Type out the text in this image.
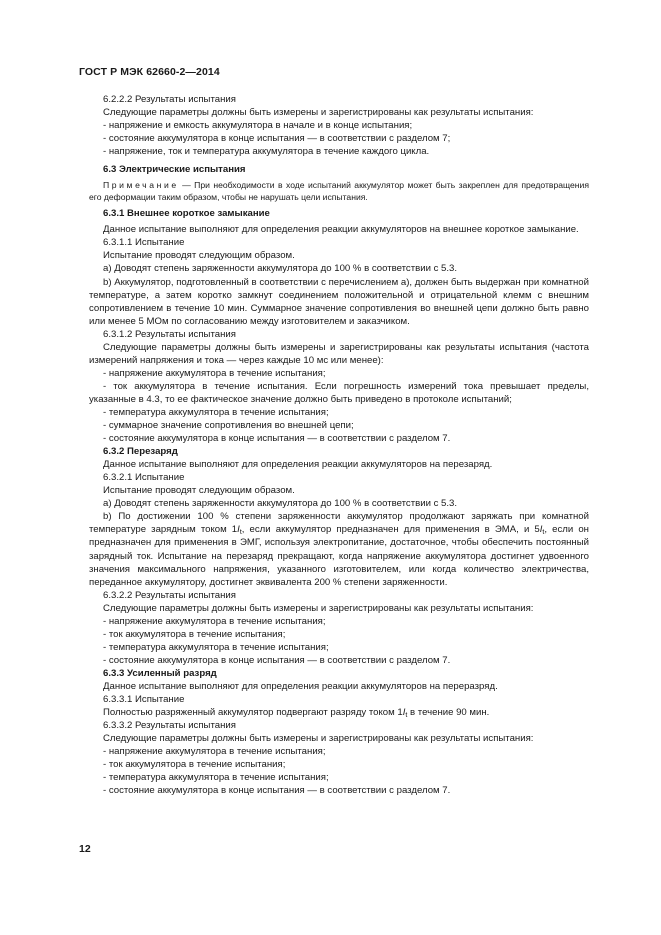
ГОСТ Р МЭК 62660-2—2014

6.2.2.2 Результаты испытания

Следующие параметры должны быть измерены и зарегистрированы как результаты испытания:

- напряжение и емкость аккумулятора в начале и в конце испытания;

- состояние аккумулятора в конце испытания — в соответствии с разделом 7;

- напряжение, ток и температура аккумулятора в течение каждого цикла.

6.3 Электрические испытания

Примечание — При необходимости в ходе испытаний аккумулятор может быть закреплен для предотвращения его деформации таким образом, чтобы не нарушать цели испытания.

6.3.1 Внешнее короткое замыкание

Данное испытание выполняют для определения реакции аккумуляторов на внешнее короткое замыкание.

6.3.1.1 Испытание

Испытание проводят следующим образом.

а) Доводят степень заряженности аккумулятора до 100 % в соответствии с 5.3.

b) Аккумулятор, подготовленный в соответствии с перечислением а), должен быть выдержан при комнатной температуре, а затем коротко замкнут соединением положительной и отрицательной клемм с внешним сопротивлением в течение 10 мин. Суммарное значение сопротивления во внешней цепи должно быть равно или менее 5 МОм по согласованию между изготовителем и заказчиком.

6.3.1.2 Результаты испытания

Следующие параметры должны быть измерены и зарегистрированы как результаты испытания (частота измерений напряжения и тока — через каждые 10 мс или менее):

- напряжение аккумулятора в течение испытания;

- ток аккумулятора в течение испытания. Если погрешность измерений тока превышает пределы, указанные в 4.3, то ее фактическое значение должно быть приведено в протоколе испытаний;

- температура аккумулятора в течение испытания;

- суммарное значение сопротивления во внешней цепи;

- состояние аккумулятора в конце испытания — в соответствии с разделом 7.

6.3.2 Перезаряд

Данное испытание выполняют для определения реакции аккумуляторов на перезаряд.

6.3.2.1 Испытание

Испытание проводят следующим образом.

а) Доводят степень заряженности аккумулятора до 100 % в соответствии с 5.3.

b) По достижении 100 % степени заряженности аккумулятор продолжают заряжать при комнатной температуре зарядным током $1I_t$, если аккумулятор предназначен для применения в ЭМА, и $5I_t$, если он предназначен для применения в ЭМГ, используя электропитание, достаточное, чтобы обеспечить постоянный зарядный ток. Испытание на перезаряд прекращают, когда напряжение аккумулятора достигнет удвоенного значения максимального напряжения, указанного изготовителем, или когда количество электричества, переданное аккумулятору, достигнет эквивалента 200 % степени заряженности.

6.3.2.2 Результаты испытания

Следующие параметры должны быть измерены и зарегистрированы как результаты испытания:

- напряжение аккумулятора в течение испытания;

- ток аккумулятора в течение испытания;

- температура аккумулятора в течение испытания;

- состояние аккумулятора в конце испытания — в соответствии с разделом 7.

6.3.3 Усиленный разряд

Данное испытание выполняют для определения реакции аккумуляторов на переразряд.

6.3.3.1 Испытание

Полностью разряженный аккумулятор подвергают разряду током $1I_t$ в течение 90 мин.

6.3.3.2 Результаты испытания

Следующие параметры должны быть измерены и зарегистрированы как результаты испытания:

- напряжение аккумулятора в течение испытания;

- ток аккумулятора в течение испытания;

- температура аккумулятора в течение испытания;

- состояние аккумулятора в конце испытания — в соответствии с разделом 7.

12
